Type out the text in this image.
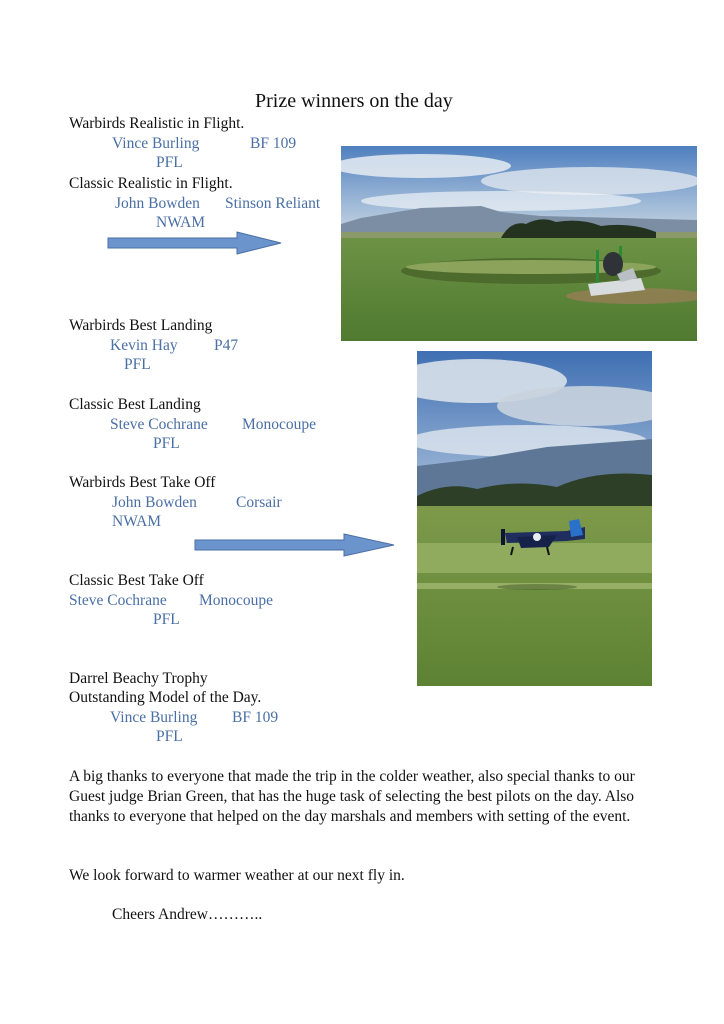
Prize winners on the day
Warbirds Realistic in Flight.
Vince Burling	BF 109
PFL
Classic Realistic in Flight.
John Bowden Stinson Reliant
NWAM
Warbirds Best Landing
Kevin Hay P47
PFL
Classic Best Landing
Steve Cochrane Monocoupe
PFL
Warbirds Best Take Off
John Bowden	Corsair
NWAM
Classic Best Take Off
Steve Cochrane Monocoupe
PFL
Darrel Beachy Trophy
Outstanding Model of the Day.
Vince Burling BF 109
PFL
A big thanks to everyone that made the trip in the colder weather, also special thanks to our Guest judge Brian Green, that has the huge task of selecting the best pilots on the day. Also thanks to everyone that helped on the day marshals and members with setting of the event.
We look forward to warmer weather at our next fly in.
Cheers Andrew………..
